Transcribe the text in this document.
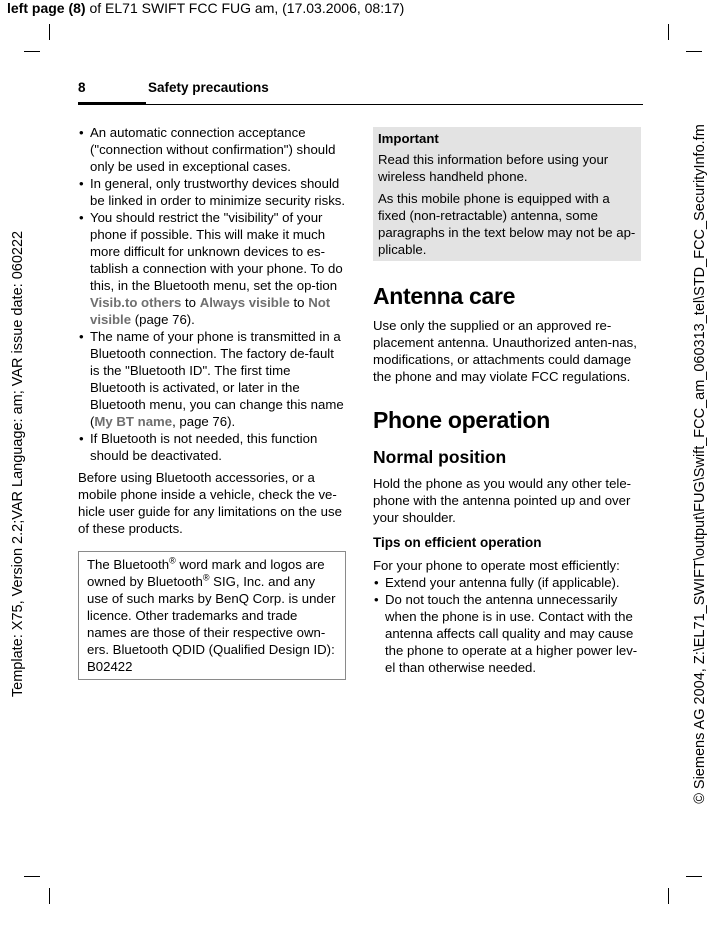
left page (8) of EL71 SWIFT FCC FUG am, (17.03.2006, 08:17)
Template: X75, Version 2.2;VAR Language: am; VAR issue date: 060222	© Siemens AG 2004, Z:\EL71_SWIFT\output\FUG\Swift_FCC_am_060313_tel\STD_FCC_SecurityInfo.fm
8	Safety precautions
• An automatic connection acceptance ("connection without confirmation") should only be used in exceptional cases.
• In general, only trustworthy devices should be linked in order to minimize security risks.
• You should restrict the "visibility" of your phone if possible. This will make it much more difficult for unknown devices to es-tablish a connection with your phone. To do this, in the Bluetooth menu, set the op-tion Visib.to others to Always visible to Not visible (page 76).
• The name of your phone is transmitted in a Bluetooth connection. The factory de-fault is the "Bluetooth ID". The first time Bluetooth is activated, or later in the Bluetooth menu, you can change this name (My BT name, page 76).
• If Bluetooth is not needed, this function should be deactivated.

Before using Bluetooth accessories, or a mobile phone inside a vehicle, check the ve-hicle user guide for any limitations on the use of these products.

The Bluetooth® word mark and logos are owned by Bluetooth® SIG, Inc. and any use of such marks by BenQ Corp. is under licence. Other trademarks and trade names are those of their respective own-ers. Bluetooth QDID (Qualified Design ID): B02422
Important

Read this information before using your wireless handheld phone.

As this mobile phone is equipped with a fixed (non-retractable) antenna, some paragraphs in the text below may not be ap-plicable.

Antenna care

Use only the supplied or an approved re-placement antenna. Unauthorized anten-nas, modifications, or attachments could damage the phone and may violate FCC regulations.

Phone operation
Normal position

Hold the phone as you would any other tele-phone with the antenna pointed up and over your shoulder.

Tips on efficient operation

For your phone to operate most efficiently:

• Extend your antenna fully (if applicable).
• Do not touch the antenna unnecessarily when the phone is in use. Contact with the antenna affects call quality and may cause the phone to operate at a higher power lev-el than otherwise needed.
